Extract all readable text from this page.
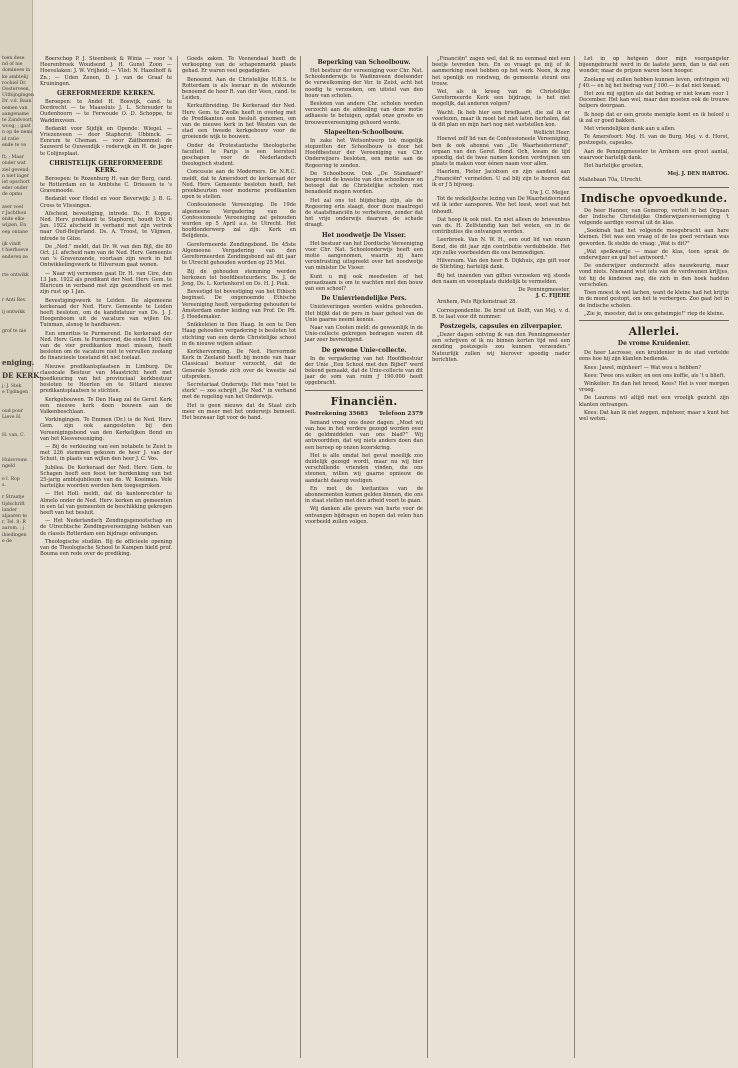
toen dese
nd of nie
dominees in
ke ambtelij
rochiel Dr.
Oosterveen,
Uitbijngingen
Dr. v.d. Baan
nemen van
aangename
te Zandvoort,
woog; ; gaat
n op de nemi
id ratie
ende te ve

ft; ; Maar
onder wat
ziel gevend;
n niet lager
iet opschort
eder onder
de opmu

zeer veel
r Jachthon
ende elke
wijzen, En
eep ontane

ijk vindt
t hierhoeve
enderen ze

rte ontwikk

r Anti Rev.

ij ontwikk

grof te nie

eniging.
DE KERK.
j; J. Stek
e Tijdingen

oud pour
Lieve H.

H. van, C.

Huisvrouw
ngeld

e l. Rop
s.

r Straatje
tijdschrift
lander
aljaaren te
r, Tel. 8; R
aarom. ; j
ibiedingen
e de

Boerschop P. J. Steenbeek & Winia — voor 's Heerenbroek Woudsend J. H. Gunst Zoon — Hoevelaken: J. W. Vrijheid; — Vlist: N. Hazelhoff & Zn.; — Uden Zonen, D. J. van de Graaf te Kruiningen.

GEREFORMEERDE KERKEN.

Beroepen: te Andel H. Boswijk, cand. te Dordrecht — te Maassluis J. L. Schreuder te Oudenhoorn — te Ferwoude O. D. Schoppe, te Waddinxveen.

Bedankt voor Sijdijk en Opende: Wiegel. — Vriezenveen — door Staphorst: Ubbinck. — Eenrum te Cheman. — voor Zaltbommel: de Sauwerd te Ouwendijk - rederwijk en H. de Jager te Colijnsplaat.

CHRISTELIJK GEREFORMEERDE KERK.

Beroepen: te Rozenburg H. van der Berg, cand. te Rotterdam en te Ambtshe C. Driessen te 's Gravemoede.

Bedankt voor Hedel en voor Beverwijk: J. B. G. Cross te Vlissingen.

Afscheid, bevestiging, intrede. Ds. F. Koppe, Ned. Herv. predikant te Staphorst, houdt D.V. 8 Jan. 1922 afscheid in verband met zijn vertrek naar Oud-Beijerland. Ds. A. Troost, te Vlijmen, intrede te Gilze.

De „Ned." meldt, dat Dr. W. van den Bijl, die 80 Oct. j.l. afscheid nam van de Ned. Herv. Gemeente van 's Gravenzande, voortaan zijn werk in het Ontwikkelingswerk te Hilversum gaat wonen.

— Naar wij vernemen gaat Dr. H. van Cire, den 13 Jan. 1922 als predikant der Ned. Herv. Gem. te Blaricum in verband met zijn gezondheid en met zijn rust op 1 Jan.

Bevestigingswerk te Leiden. De algemeene kerkeraad der Ned. Herv. Gemeente te Leiden heeft besloten, om de kandidatuur van Ds. J. J. Hoogenboom uit de vacature van wijlen Ds. Tuinman, alsnog te handhaven.

Een emeritus te Purmerend. De kerkeraad der Ned. Herv. Gem. te Purmerend, die sinds 1902 één van de vier predikanten moet missen, heeft besloten om de vacature niet te vervullen zoolang de financieele toestand dit niet toelaat.

Nieuwe predikantsplaatsen in Limburg. De classicale Bestuur van Maastricht heeft met goedkeuring van het provinciaal kerkbestuur besloten te Heerlen en te Sittard nieuwe predikantsplaatsen te stichten.

Kerkgebouwen. Te Den Haag zal de Geref. Kerk een nieuwe kerk doen bouwen aan de Valkenboschlaan.

Vorkingingen. Te Emmen (Dr.) is de Ned. Herv. Gem. zijn ook aangesloten bij den Vereenigingsbond van den Kerkelijken Bond en van het Kiesvereeniging.

— Bij de verkiezing van een notabele te Zeist is met 226 stemmen gekozen de heer J. van der Schuit, in plaats van wijlen den heer J. C. Vos.

Jubilea. De Kerkeraad der Ned. Herv. Gem. te Schagen heeft een feest ter herdenking van het 25-jarig ambtsjubileum van ds. W. Kooiman. Vele hartelijke woorden werden hem toegesproken.

— Het Holl. meldt, dat de kantonrechter te Almelo onder de Ned. Herv. kerken en gemeenten in een tal van gemeenten de beschikking gekregen heeft van het besluit.

— Het Nederlandsch Zendingsgenootschap en de Utrechtsche Zendingsvereeniging hebben van de classis Rotterdam een bijdrage ontvangen.

Theologische studiën. Bij de officieele opening van de Theologische School te Kampen hield prof. Bouma een rede over de prediking.

Goeds zaken. Te Veenendaal heeft de verkooping van de schapenmarkt plaats gehad. Er waren veel gegadigden.

Benoemd. Aan de Christelijke H.B.S. te Rotterdam is als leeraar in de wiskunde benoemd de heer R. van der Veen, cand. te Leiden.

Kerkuitbreiding. De Kerkeraad der Ned. Herv. Gem. te Zwolle heeft in overleg met de Predikanten een besluit genomen, om van de nieuwe kerk in het Westen van de stad een tweede kerkgebouw voor de groeiende wijk te bouwen.

Onder de Protestantsche theologische faculteit te Parijs is een leerstoel geschapen voor de Nederlandsch theologisch student.

Concessie aan de Moderners. De N.R.C. meldt, dat te Amersfoort de kerkeraad der Ned. Herv. Gemeente besloten heeft, het preekbeurten voor moderne predikanten open te stellen.

Confessioneele Vereeniging. De 19de algemeene Vergadering van de Confessioneele Vereeniging zal gehouden worden op 5 April a.s. te Utrecht. Het hoofdonderwerp zal zijn: Kerk en Belijdenis.

Gereformeerde Zendingsbond. De 45ste Algemeene Vergadering van den Gereformeerden Zendingsbond zal dit jaar te Utrecht gehouden worden op 25 Mei.

Bij de gehouden stemming werden herkozen tot hoofdbestuurders: Ds. J. de Jong, Ds. L. Kortenhorst en Ds. H. J. Piek.

Bevestigd tot bevestiging van het Ethisch beginsel. De ongenoemde Ethische Vereeniging heeft vergadering gehouden te Amsterdam onder leiding van Prof. Dr. Ph. J. Hoedemaker.

Snikkeleien in Den Haag. In een te Den Haag gehouden vergadering is besloten tot stichting van een derde Christelijke school in de nieuwe wijken aldaar.

Kerkhervorming. De Ned. Hervormde Kerk in Zeeland heeft bij monde van haar Classicaal bestuur verzocht, dat de Generale Synode zich over de kwestie zal uitspreken.

Secretariaat Onderwijs. Het mes "niet te sterk" — zoo schrijft „De Ned." in verband met de regeling van het Onderwijs.

Het is geen nieuws dat de Staat zich meer en meer met het onderwijs bemoeit. Het bezwaar ligt voor de hand.

Beperking van Schoolbouw.

Het bestuur der vereeniging voor Chr. Nat. Schoolonderwijs te Wadinxveen doelsonder de verwelkoming der Ver. te Zeist, acht het noodig te verzoeken, om uitstel van den bouw van scholen.

Besloten van andere Chr. scholen worden verzocht aan de afdeeling van deze motie adhaesie te betuigen, opdat onze groote en brouwenvereeniging gehoord worde.

Slapeelten-Schoolbouw.

In zake het Wetsontwerp tot mogelijk stopzetten der Schoolbouw is door het Hoofdbestuur der Vereeniging van Chr. Onderwijzers besloten, een motie aan de Regeering te zenden.

De Schoolbouw. Ook „De Standaard" bespreekt de kwestie van den schoolbouw en betoogt dat de Christelijke scholen niet benadeeld mogen worden.

Het zal ons tot blijdschap zijn, als de Regeering erin slaagt, door deze maatregel de staatsfinanciën te verbeteren, zonder dat het vrije onderwijs daarvan de schade draagt.

Het noodwetje De Visser.

Het bestuur van het Dordtsche Vereeniging voor Chr. Nat. Schoolonderwijs heeft een motie aangenomen, waarin zij hare verontrusting uitspreekt over het noodwetje van minister De Visser.

Kunt u mij ook meedeelen of het geraadzaam is om te wachten met den bouw van een school?

De Unievriendelijke Pers.

Unieleveringen worden weldra gehouden. Het blijkt dat de pers in haar geheel van de Unie gaarne neemt kennis.

Naar van Cooten meld: de gewoonlijk in de Unie-collecte gekregen bedragen waren dit jaar zeer bevredigend.

De gewone Unie-collecte.

In de vergadering van het Hoofdbestuur der Unie „Een School met den Bijbel" werd bekend gemaakt, dat de Unie-collecte van dit jaar de som van ruim ƒ 190.000 heeft opgebracht.

Financiën.
Postrekening 35683 Telefoon 2379

Iemand vroeg ons dezer dagen: „Moet wij van hoe in het verdere gezegd worden over de geldmiddelen van ons blad?" Wij antwoordden, dat wij niets anders doen dan een beroep op onzen lezerskring.

Het is alle omdat het geval moeilijk zoo duidelijk gezegd wordt, maar nu wij hier verschillende vrienden vinden, die ons steunen, willen wij gaarne opnieuw de aandacht daarop vestigen.

En met de kwitanties van de abonnementen komen gelden binnen, die ons in staat stellen met den arbeid voort te gaan.

Wij danken alle gevers van harte voor de ontvangen bijdragen en hopen dat velen hun voorbeeld zullen volgen.

„Financiën" zagen wel, dat ik nu eenmaal niet een beetje tevreden ben. En zo vraagt ge mij of ik aanmerking moet hebben op het werk. Neen, ik zeg het openlijk en rondweg, de gemeente steunt ons trouw.

Wel, als ik kreeg van de Christelijke Gereformeerde Kerk een bijdrage, is het niet mogelijk, dat anderen volgen?

Wacht. Ik heb hier een briefkaart, die zal ik er voorlezen, maar ik moet het niet laten herhalen, dat ik dit plan en mijn hart nog niet vaststellen kon.

Wellicht Heer.

Hoewel zelf lid van de Confessioneele Vereeniging, ben ik ook abonné van „De Waarheidsvriend", orgaan van den Geref. Bond. Och, kwam de tijd spoedig, dat de twee namen konden verdwijnen om plaats te maken voor éénen naam voor allen.

Haerlem, Pieter Jacobsen en zijn aandeel aan „Financiën" vermelden. U zal blij zijn te hooren dat ik er ƒ 5 bijvoeg.

Uw J. C. Meijer.

Tot de wekelijksche lezing van De Waarheidsvriend wil ik ieder aansporen. Wie het leest, weet wat het inhoudt.

Dat hoop ik ook niet. En niet alleen de brievenbus van ds. H. Zelfstandig kan het weten, en in de contributies die ontvangen worden.

Leerbroek. Van N. W. H., een oud lid van onzen Bond, die dit jaar zijn contributie verdubbelde. Het zijn zulke voorbeelden die ons bemoedigen.

Hilversum. Van den heer B. Dijkhuis, zijn gift voor de Stichting; hartelijk dank.

Bij het inzenden van giften verzoeken wij steeds den naam en woonplaats duidelijk te vermelden.

De Penningmeester,
J. C. FIJEHE

Arnhem, Pels Rijckenstraat 28.

Correspondentie. De brief uit Delft, van Mej. v. d. B. te laat voor dit nummer.

Postzegels, capsules en zilverpapier.

„Dezer dagen ontving ik van den Penningmeester een schrijven of ik nu binnen korten tijd wel een zending postzegels zou kunnen verzenden." Natuurlijk zullen wij hierover spoedig nader berichten.

Let in op hetgeen door mijn voorgangster bijeengebracht werd in de laatste jaren, dan is dat een wonder, maar de prijzen waren toen hooger.

Zoolang wij zullen hebben kunnen leven, ontvingen wij ƒ 40.— en bij het bedrag van ƒ 100.— is dat niet kwaad.

Het zou mij spijten als dat bedrag er niet kwam voor 1 December. Het kan wel, maar dan moeten ook de trouwe helpers doorgaan.

Ik hoop dat er een groote menigte komt en ik beloof u ik zal er goed bakken.

Met vriendelijken dank aan u allen.

Te Amersfoort: Mej. H. van de Burg, Mej. v. d. Horst, postzegels, capsules.

Aan de Penningmeester te Arnhem een groot aantal, waarvoor hartelijk dank.

Het hartelijke groeten,

Mej. J. DEN HARTOG.
Maliebaan 70a, Utrecht.
Indische opvoedkunde.

De heer Hanner, van Gemerop, vertelt in het Orgaan der Indische Christelijke Onderwijzersvereeniging 't volgende aardige voorval uit de klas.

„Soekinah had het volgende meegebracht aan hare kleinen. Het was een vraag of de les goed verstaan was geworden. Ik stelde de vraag: „Wat is dit?"

„Wat spelkwartje — maar de klas, toen sprak de onderwijzer en gaf het antwoord."

De onderwijzer onderzocht alles nauwkeurig, maar vond niets. Niemand wist iets van de verdwenen krijtjes, tot hij de kinderen zag, die zich in den hoek hadden verscholen.

Toen moest ik wel lachen, want de kleine had het krijtje in de mond gestopt, om het te verbergen. Zoo gaat het in de Indische scholen.

„Zie je, meester, dat is ons geheimpje!" riep de kleine.

Allerlei.
De vrome Kruidenier.

De heer Lacrosse, een kruidenier in de stad vertelde eens hoe hij zijn klanten bediende.

Kees: Jawel, mijnheer! — Wat wou u hebben?

Kees: Twee ons suiker, en een ons koffie, als 't u blieft.

Winkelier: En dan het brood, Kees? Het is voor morgen vroeg.

De Laurens wil altijd met een vroolijk gezicht zijn klanten ontvangen.

Kees: Dat kan ik niet zeggen, mijnheer, maar u kunt het wel weten.
